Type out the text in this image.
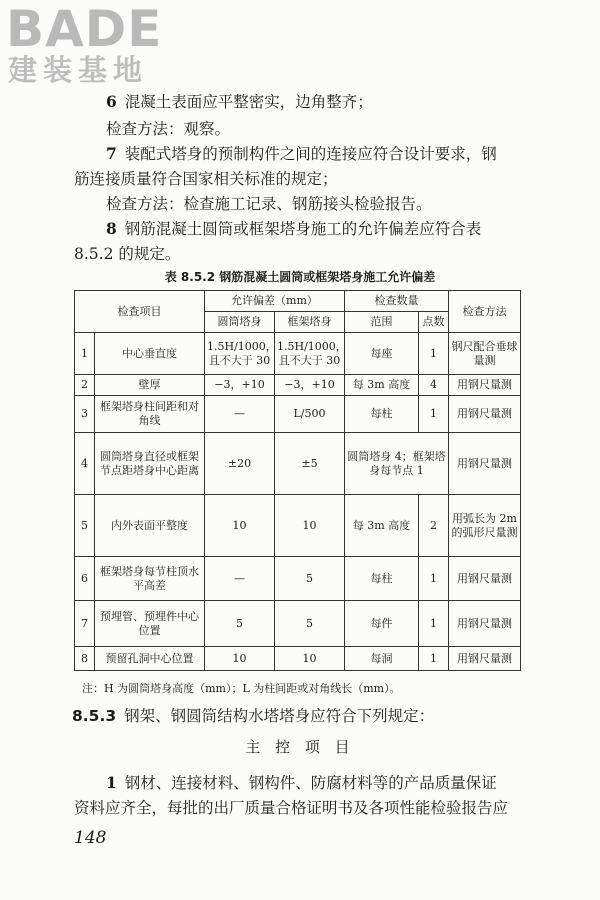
BADE
建装基地
6 混凝土表面应平整密实，边角整齐；
检查方法：观察。
7 装配式塔身的预制构件之间的连接应符合设计要求，钢
筋连接质量符合国家相关标准的规定；
检查方法：检查施工记录、钢筋接头检验报告。
8 钢筋混凝土圆筒或框架塔身施工的允许偏差应符合表
8.5.2 的规定。
表 8.5.2 钢筋混凝土圆筒或框架塔身施工允许偏差
检查项目		允许偏差（mm）		检查数量		检查方法
		圆筒塔身	框架塔身	范围	点数	
1	中心垂直度	1.5H/1000，且不大于 30	1.5H/1000，且不大于 30	每座	1	钢尺配合垂球量测
2	壁厚	−3，+10	−3，+10	每 3m 高度	4	用钢尺量测
3	框架塔身柱间距和对角线	—	L/500	每柱	1	用钢尺量测
4	圆筒塔身直径或框架节点距塔身中心距离	±20	±5	圆筒塔身 4；框架塔身每节点 1		用钢尺量测
5	内外表面平整度	10	10	每 3m 高度	2	用弧长为 2m 的弧形尺量测
6	框架塔身每节柱顶水平高差	—	5	每柱	1	用钢尺量测
7	预埋管、预埋件中心位置	5	5	每件	1	用钢尺量测
8	预留孔洞中心位置	10	10	每洞	1	用钢尺量测
注：H 为圆筒塔身高度（mm）；L 为柱间距或对角线长（mm）。
8.5.3 钢架、钢圆筒结构水塔塔身应符合下列规定：
主 控 项 目
1 钢材、连接材料、钢构件、防腐材料等的产品质量保证
资料应齐全，每批的出厂质量合格证明书及各项性能检验报告应
148
